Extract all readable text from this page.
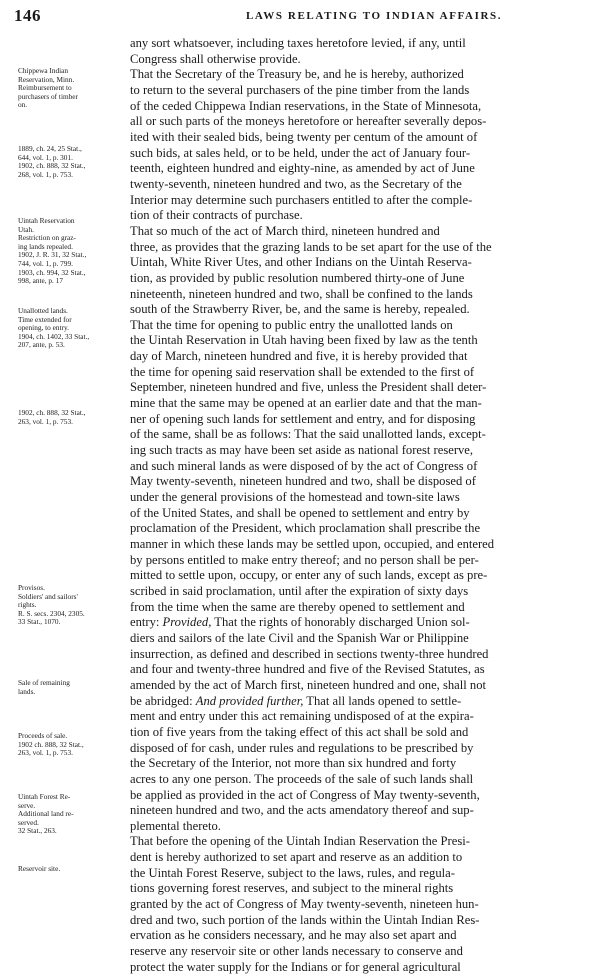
146	LAWS RELATING TO INDIAN AFFAIRS.
Chippewa Indian
Reservation, Minn.
Reimbursement to
purchasers of timber
on.
1889, ch. 24, 25 Stat.,
644, vol. 1, p. 301.
1902, ch. 888, 32 Stat.,
268, vol. 1, p. 753.
Uintah Reservation
Utah.
Restriction on graz-
ing lands repealed.
1902, J. R. 31, 32 Stat.,
744, vol. 1, p. 799.
1903, ch. 994, 32 Stat.,
998, ante, p. 17
Unallotted lands.
Time extended for
opening, to entry.
1904, ch. 1402, 33 Stat.,
207, ante, p. 53.
1902, ch. 888, 32 Stat.,
263, vol. 1, p. 753.
Provisos.
Soldiers' and sailors'
rights.
R. S. secs. 2304, 2305.
33 Stat., 1070.
Sale of remaining
lands.
Proceeds of sale.
1902 ch. 888, 32 Stat.,
263, vol. 1, p. 753.
Uintah Forest Re-
serve.
Additional land re-
served.
32 Stat., 263.
Reservoir site.
any sort whatsoever, including taxes heretofore levied, if any, until
Congress shall otherwise provide.
That the Secretary of the Treasury be, and he is hereby, authorized
to return to the several purchasers of the pine timber from the lands
of the ceded Chippewa Indian reservations, in the State of Minnesota,
all or such parts of the moneys heretofore or hereafter severally depos-
ited with their sealed bids, being twenty per centum of the amount of
such bids, at sales held, or to be held, under the act of January four-
teenth, eighteen hundred and eighty-nine, as amended by act of June
twenty-seventh, nineteen hundred and two, as the Secretary of the
Interior may determine such purchasers entitled to after the comple-
tion of their contracts of purchase.
That so much of the act of March third, nineteen hundred and
three, as provides that the grazing lands to be set apart for the use of the
Uintah, White River Utes, and other Indians on the Uintah Reserva-
tion, as provided by public resolution numbered thirty-one of June
nineteenth, nineteen hundred and two, shall be confined to the lands
south of the Strawberry River, be, and the same is hereby, repealed.
That the time for opening to public entry the unallotted lands on
the Uintah Reservation in Utah having been fixed by law as the tenth
day of March, nineteen hundred and five, it is hereby provided that
the time for opening said reservation shall be extended to the first of
September, nineteen hundred and five, unless the President shall deter-
mine that the same may be opened at an earlier date and that the man-
ner of opening such lands for settlement and entry, and for disposing
of the same, shall be as follows: That the said unallotted lands, except-
ing such tracts as may have been set aside as national forest reserve,
and such mineral lands as were disposed of by the act of Congress of
May twenty-seventh, nineteen hundred and two, shall be disposed of
under the general provisions of the homestead and town-site laws
of the United States, and shall be opened to settlement and entry by
proclamation of the President, which proclamation shall prescribe the
manner in which these lands may be settled upon, occupied, and entered
by persons entitled to make entry thereof; and no person shall be per-
mitted to settle upon, occupy, or enter any of such lands, except as pre-
scribed in said proclamation, until after the expiration of sixty days
from the time when the same are thereby opened to settlement and
entry: Provided, That the rights of honorably discharged Union sol-
diers and sailors of the late Civil and the Spanish War or Philippine
insurrection, as defined and described in sections twenty-three hundred
and four and twenty-three hundred and five of the Revised Statutes, as
amended by the act of March first, nineteen hundred and one, shall not
be abridged: And provided further, That all lands opened to settle-
ment and entry under this act remaining undisposed of at the expira-
tion of five years from the taking effect of this act shall be sold and
disposed of for cash, under rules and regulations to be prescribed by
the Secretary of the Interior, not more than six hundred and forty
acres to any one person. The proceeds of the sale of such lands shall
be applied as provided in the act of Congress of May twenty-seventh,
nineteen hundred and two, and the acts amendatory thereof and sup-
plemental thereto.
That before the opening of the Uintah Indian Reservation the Presi-
dent is hereby authorized to set apart and reserve as an addition to
the Uintah Forest Reserve, subject to the laws, rules, and regula-
tions governing forest reserves, and subject to the mineral rights
granted by the act of Congress of May twenty-seventh, nineteen hun-
dred and two, such portion of the lands within the Uintah Indian Res-
ervation as he considers necessary, and he may also set apart and
reserve any reservoir site or other lands necessary to conserve and
protect the water supply for the Indians or for general agricultural
